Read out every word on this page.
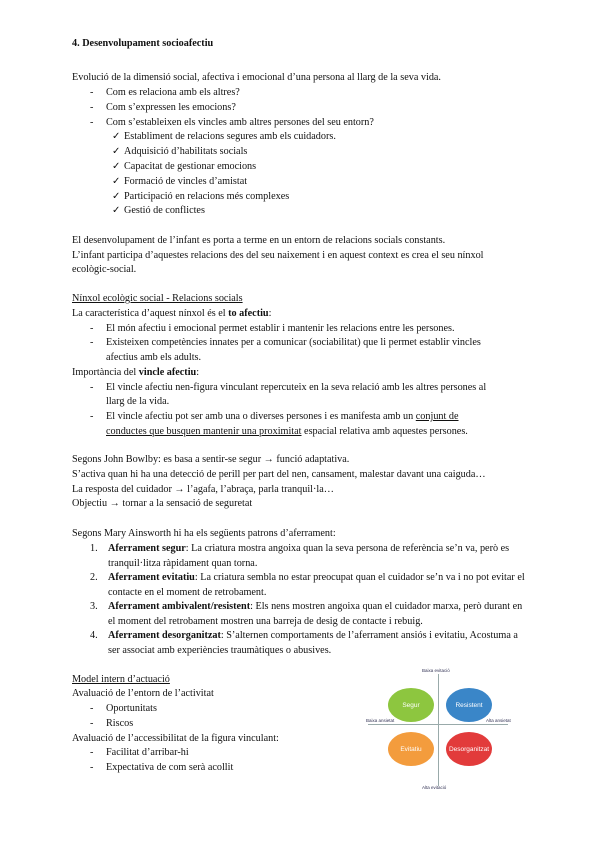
4. Desenvolupament socioafectiu
Evolució de la dimensió social, afectiva i emocional d’una persona al llarg de la seva vida.
- Com es relaciona amb els altres?
- Com s’expressen les emocions?
- Com s’estableixen els vincles amb altres persones del seu entorn?
✓ Establiment de relacions segures amb els cuidadors.
✓ Adquisició d’habilitats socials
✓ Capacitat de gestionar emocions
✓ Formació de vincles d’amistat
✓ Participació en relacions més complexes
✓ Gestió de conflictes
El desenvolupament de l’infant es porta a terme en un entorn de relacions socials constants.
L’infant participa d’aquestes relacions des del seu naixement i en aquest context es crea el seu nínxol
ecològic-social.
Nínxol ecològic social - Relacions socials
La característica d’aquest nínxol és el to afectiu:
- El món afectiu i emocional permet establir i mantenir les relacions entre les persones.
- Existeixen competències innates per a comunicar (sociabilitat) que li permet establir vincles
afectius amb els adults.
Importància del vincle afectiu:
- El vincle afectiu nen-figura vinculant repercuteix en la seva relació amb les altres persones al
llarg de la vida.
- El vincle afectiu pot ser amb una o diverses persones i es manifesta amb un conjunt de
conductes que busquen mantenir una proximitat espacial relativa amb aquestes persones.
Segons John Bowlby: es basa a sentir-se segur → funció adaptativa.
S’activa quan hi ha una detecció de perill per part del nen, cansament, malestar davant una caiguda…
La resposta del cuidador → l’agafa, l’abraça, parla tranquil·la…
Objectiu → tornar a la sensació de seguretat
Segons Mary Ainsworth hi ha els següents patrons d’aferrament:
1. Aferrament segur: La criatura mostra angoixa quan la seva persona de referència se’n va, però es tranquil·litza ràpidament quan torna.
2. Aferrament evitatiu: La criatura sembla no estar preocupat quan el cuidador se’n va i no pot evitar el contacte en el moment de retrobament.
3. Aferrament ambivalent/resistent: Els nens mostren angoixa quan el cuidador marxa, però durant en el moment del retrobament mostren una barreja de desig de contacte i rebuig.
4. Aferrament desorganitzat: S’alternen comportaments de l’aferrament ansiós i evitatiu, Acostuma a ser associat amb experiències traumàtiques o abusives.
Model intern d’actuació
Avaluació de l’entorn de l’activitat
- Oportunitats
- Riscos
Avaluació de l’accessibilitat de la figura vinculant:
- Facilitat d’arribar-hi
- Expectativa de com serà acollit
Baixa evitació
Alta evitació
Baixa ansietat	Alta ansietat
Segur	Resistent
Evitatiu	Desorganitzat
